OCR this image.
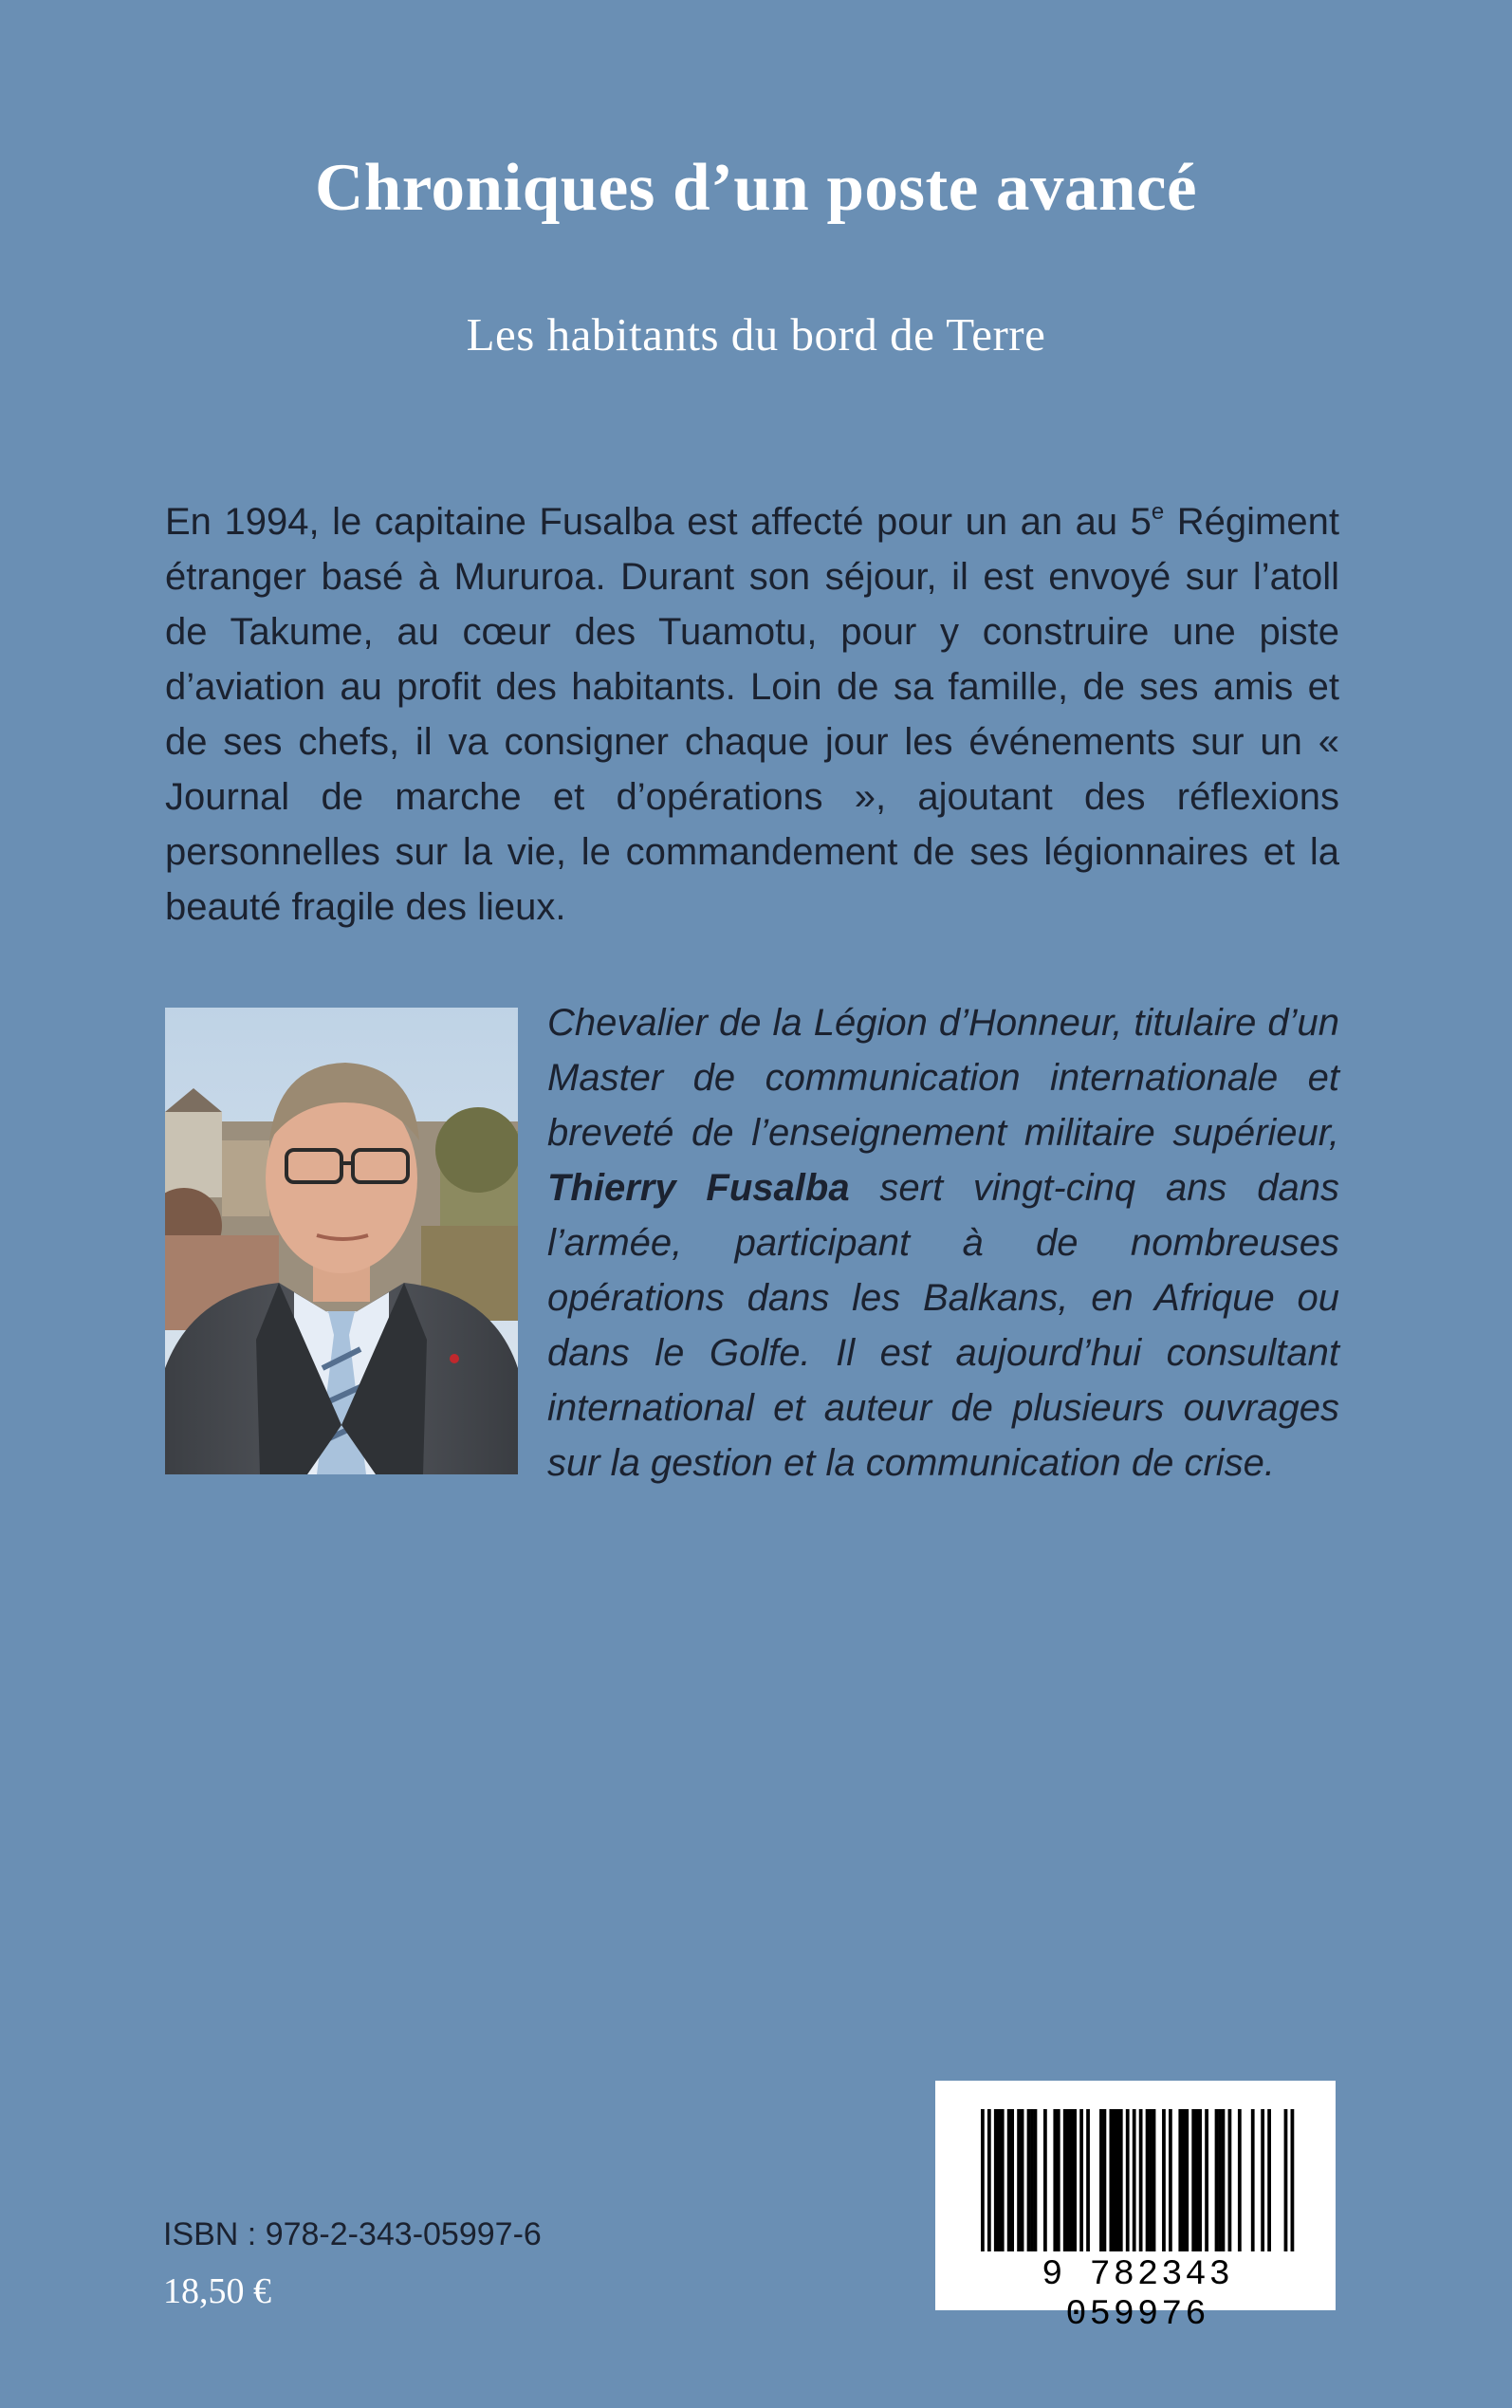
Chroniques d’un poste avancé
Les habitants du bord de Terre
En 1994, le capitaine Fusalba est affecté pour un an au 5e Régiment étranger basé à Mururoa. Durant son séjour, il est envoyé sur l’atoll de Takume, au cœur des Tuamotu, pour y construire une piste d’aviation au profit des habitants. Loin de sa famille, de ses amis et de ses chefs, il va consigner chaque jour les événements sur un « Journal de marche et d’opérations », ajoutant des réflexions personnelles sur la vie, le commandement de ses légionnaires et la beauté fragile des lieux.
Chevalier de la Légion d’Honneur, titulaire d’un Master de communication internationale et breveté de l’enseignement militaire supérieur, Thierry Fusalba sert vingt-cinq ans dans l’armée, participant à de nombreuses opérations dans les Balkans, en Afrique ou dans le Golfe. Il est aujourd’hui consultant international et auteur de plusieurs ouvrages sur la gestion et la communication de crise.
ISBN : 978-2-343-05997-6
18,50 €	9 782343 059976
